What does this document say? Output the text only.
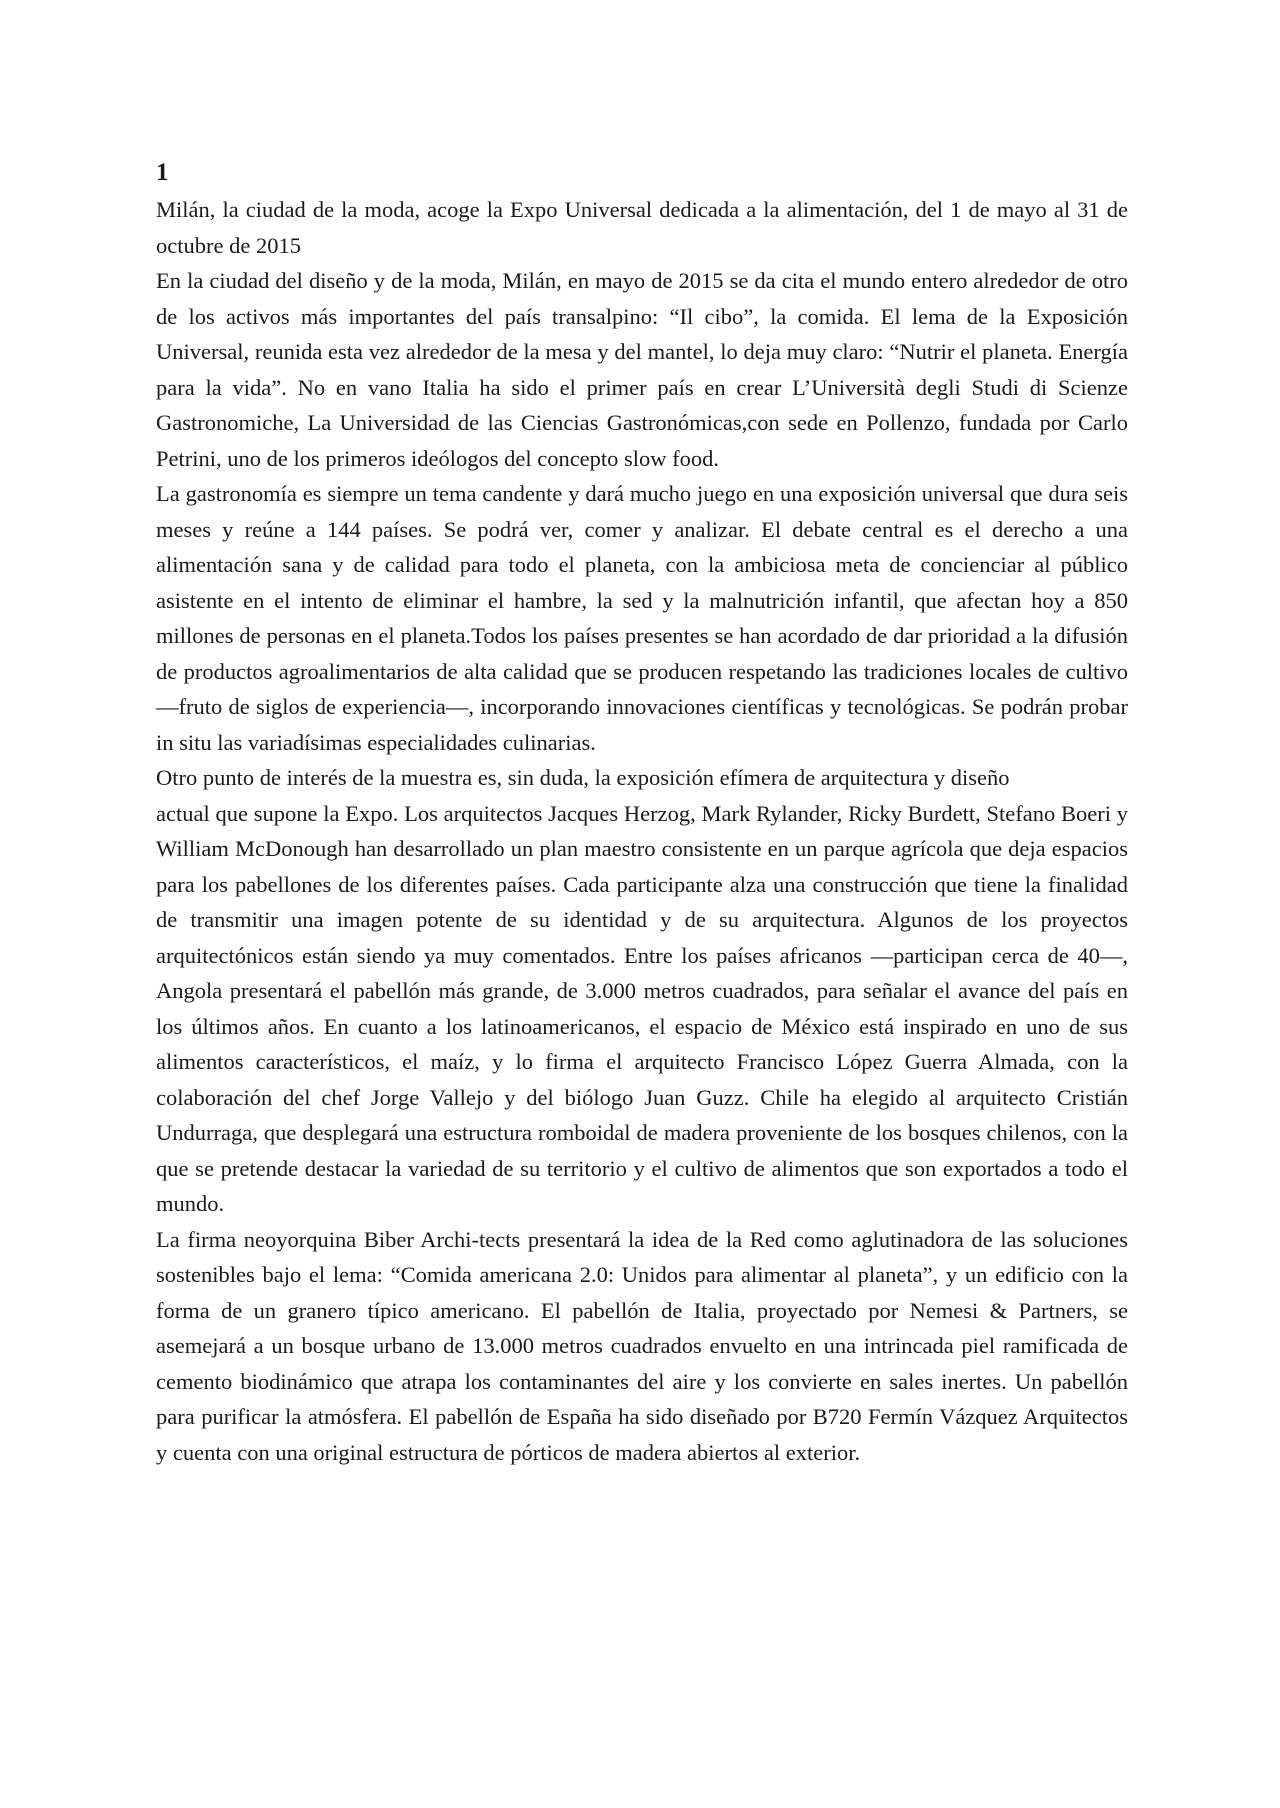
1

Milán, la ciudad de la moda, acoge la Expo Universal dedicada a la alimentación, del 1 de mayo al 31 de octubre de 2015

En la ciudad del diseño y de la moda, Milán, en mayo de 2015 se da cita el mundo entero alrededor de otro de los activos más importantes del país transalpino: “Il cibo”, la comida. El lema de la Exposición Universal, reunida esta vez alrededor de la mesa y del mantel, lo deja muy claro: “Nutrir el planeta. Energía para la vida”. No en vano Italia ha sido el primer país en crear L’Università degli Studi di Scienze Gastronomiche, La Universidad de las Ciencias Gastronómicas,con sede en Pollenzo, fundada por Carlo Petrini, uno de los primeros ideólogos del concepto slow food.

La gastronomía es siempre un tema candente y dará mucho juego en una exposición universal que dura seis meses y reúne a 144 países. Se podrá ver, comer y analizar. El debate central es el derecho a una alimentación sana y de calidad para todo el planeta, con la ambiciosa meta de concienciar al público asistente en el intento de eliminar el hambre, la sed y la malnutrición infantil, que afectan hoy a 850 millones de personas en el planeta.Todos los países presentes se han acordado de dar prioridad a la difusión de productos agroalimentarios de alta calidad que se producen respetando las tradiciones locales de cultivo —fruto de siglos de experiencia—, incorporando innovaciones científicas y tecnológicas. Se podrán probar in situ las variadísimas especialidades culinarias.

Otro punto de interés de la muestra es, sin duda, la exposición efímera de arquitectura y diseño

actual que supone la Expo. Los arquitectos Jacques Herzog, Mark Rylander, Ricky Burdett, Stefano Boeri y William McDonough han desarrollado un plan maestro consistente en un parque agrícola que deja espacios para los pabellones de los diferentes países. Cada participante alza una construcción que tiene la finalidad de transmitir una imagen potente de su identidad y de su arquitectura. Algunos de los proyectos arquitectónicos están siendo ya muy comentados. Entre los países africanos —participan cerca de 40—, Angola presentará el pabellón más grande, de 3.000 metros cuadrados, para señalar el avance del país en los últimos años. En cuanto a los latinoamericanos, el espacio de México está inspirado en uno de sus alimentos característicos, el maíz, y lo firma el arquitecto Francisco López Guerra Almada, con la colaboración del chef Jorge Vallejo y del biólogo Juan Guzz. Chile ha elegido al arquitecto Cristián Undurraga, que desplegará una estructura romboidal de madera proveniente de los bosques chilenos, con la que se pretende destacar la variedad de su territorio y el cultivo de alimentos que son exportados a todo el mundo.

La firma neoyorquina Biber Archi-tects presentará la idea de la Red como aglutinadora de las soluciones sostenibles bajo el lema: “Comida americana 2.0: Unidos para alimentar al planeta”, y un edificio con la forma de un granero típico americano. El pabellón de Italia, proyectado por Nemesi & Partners, se asemejará a un bosque urbano de 13.000 metros cuadrados envuelto en una intrincada piel ramificada de cemento biodinámico que atrapa los contaminantes del aire y los convierte en sales inertes. Un pabellón para purificar la atmósfera. El pabellón de España ha sido diseñado por B720 Fermín Vázquez Arquitectos y cuenta con una original estructura de pórticos de madera abiertos al exterior.
